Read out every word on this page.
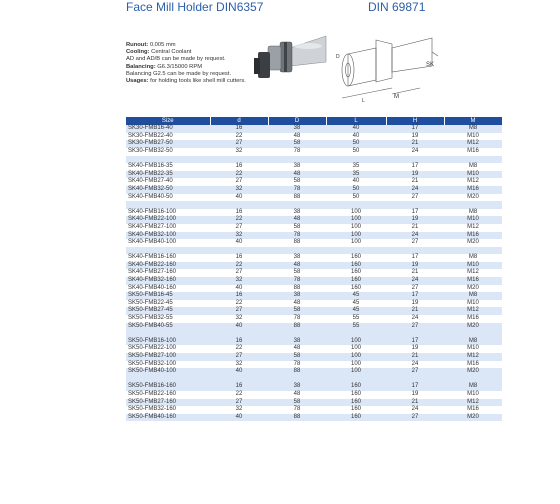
Face Mill Holder DIN6357	DIN 69871
Runout: 0.005 mm
Cooling: Central Coolant
AD and AD/B can be made by request.
Balancing: G6.3/15000 RPM
Balancing G2.5 can be made by request.
Usages: for holding tools like shell mill cutters.
SK
L
D
M
Size	d	D	L	H	M
SK30-FMB16-40	16	38	40	17	M8
SK30-FMB22-40	22	48	40	19	M10
SK30-FMB27-50	27	58	50	21	M12
SK30-FMB32-50	32	78	50	24	M16

SK40-FMB16-35	16	38	35	17	M8
SK40-FMB22-35	22	48	35	19	M10
SK40-FMB27-40	27	58	40	21	M12
SK40-FMB32-50	32	78	50	24	M16
SK40-FMB40-50	40	88	50	27	M20

SK40-FMB16-100	16	38	100	17	M8
SK40-FMB22-100	22	48	100	19	M10
SK40-FMB27-100	27	58	100	21	M12
SK40-FMB32-100	32	78	100	24	M16
SK40-FMB40-100	40	88	100	27	M20

SK40-FMB16-160	16	38	160	17	M8
SK40-FMB22-160	22	48	160	19	M10
SK40-FMB27-160	27	58	160	21	M12
SK40-FMB32-160	32	78	160	24	M16
SK40-FMB40-160	40	88	160	27	M20
SK50-FMB16-45	16	38	45	17	M8
SK50-FMB22-45	22	48	45	19	M10
SK50-FMB27-45	27	58	45	21	M12
SK50-FMB32-55	32	78	55	24	M16
SK50-FMB40-55	40	88	55	27	M20

SK50-FMB16-100	16	38	100	17	M8
SK50-FMB22-100	22	48	100	19	M10
SK50-FMB27-100	27	58	100	21	M12
SK50-FMB32-100	32	78	100	24	M16
SK50-FMB40-100	40	88	100	27	M20

SK50-FMB16-160	16	38	160	17	M8
SK50-FMB22-160	22	48	160	19	M10
SK50-FMB27-160	27	58	160	21	M12
SK50-FMB32-160	32	78	160	24	M16
SK50-FMB40-160	40	88	160	27	M20
